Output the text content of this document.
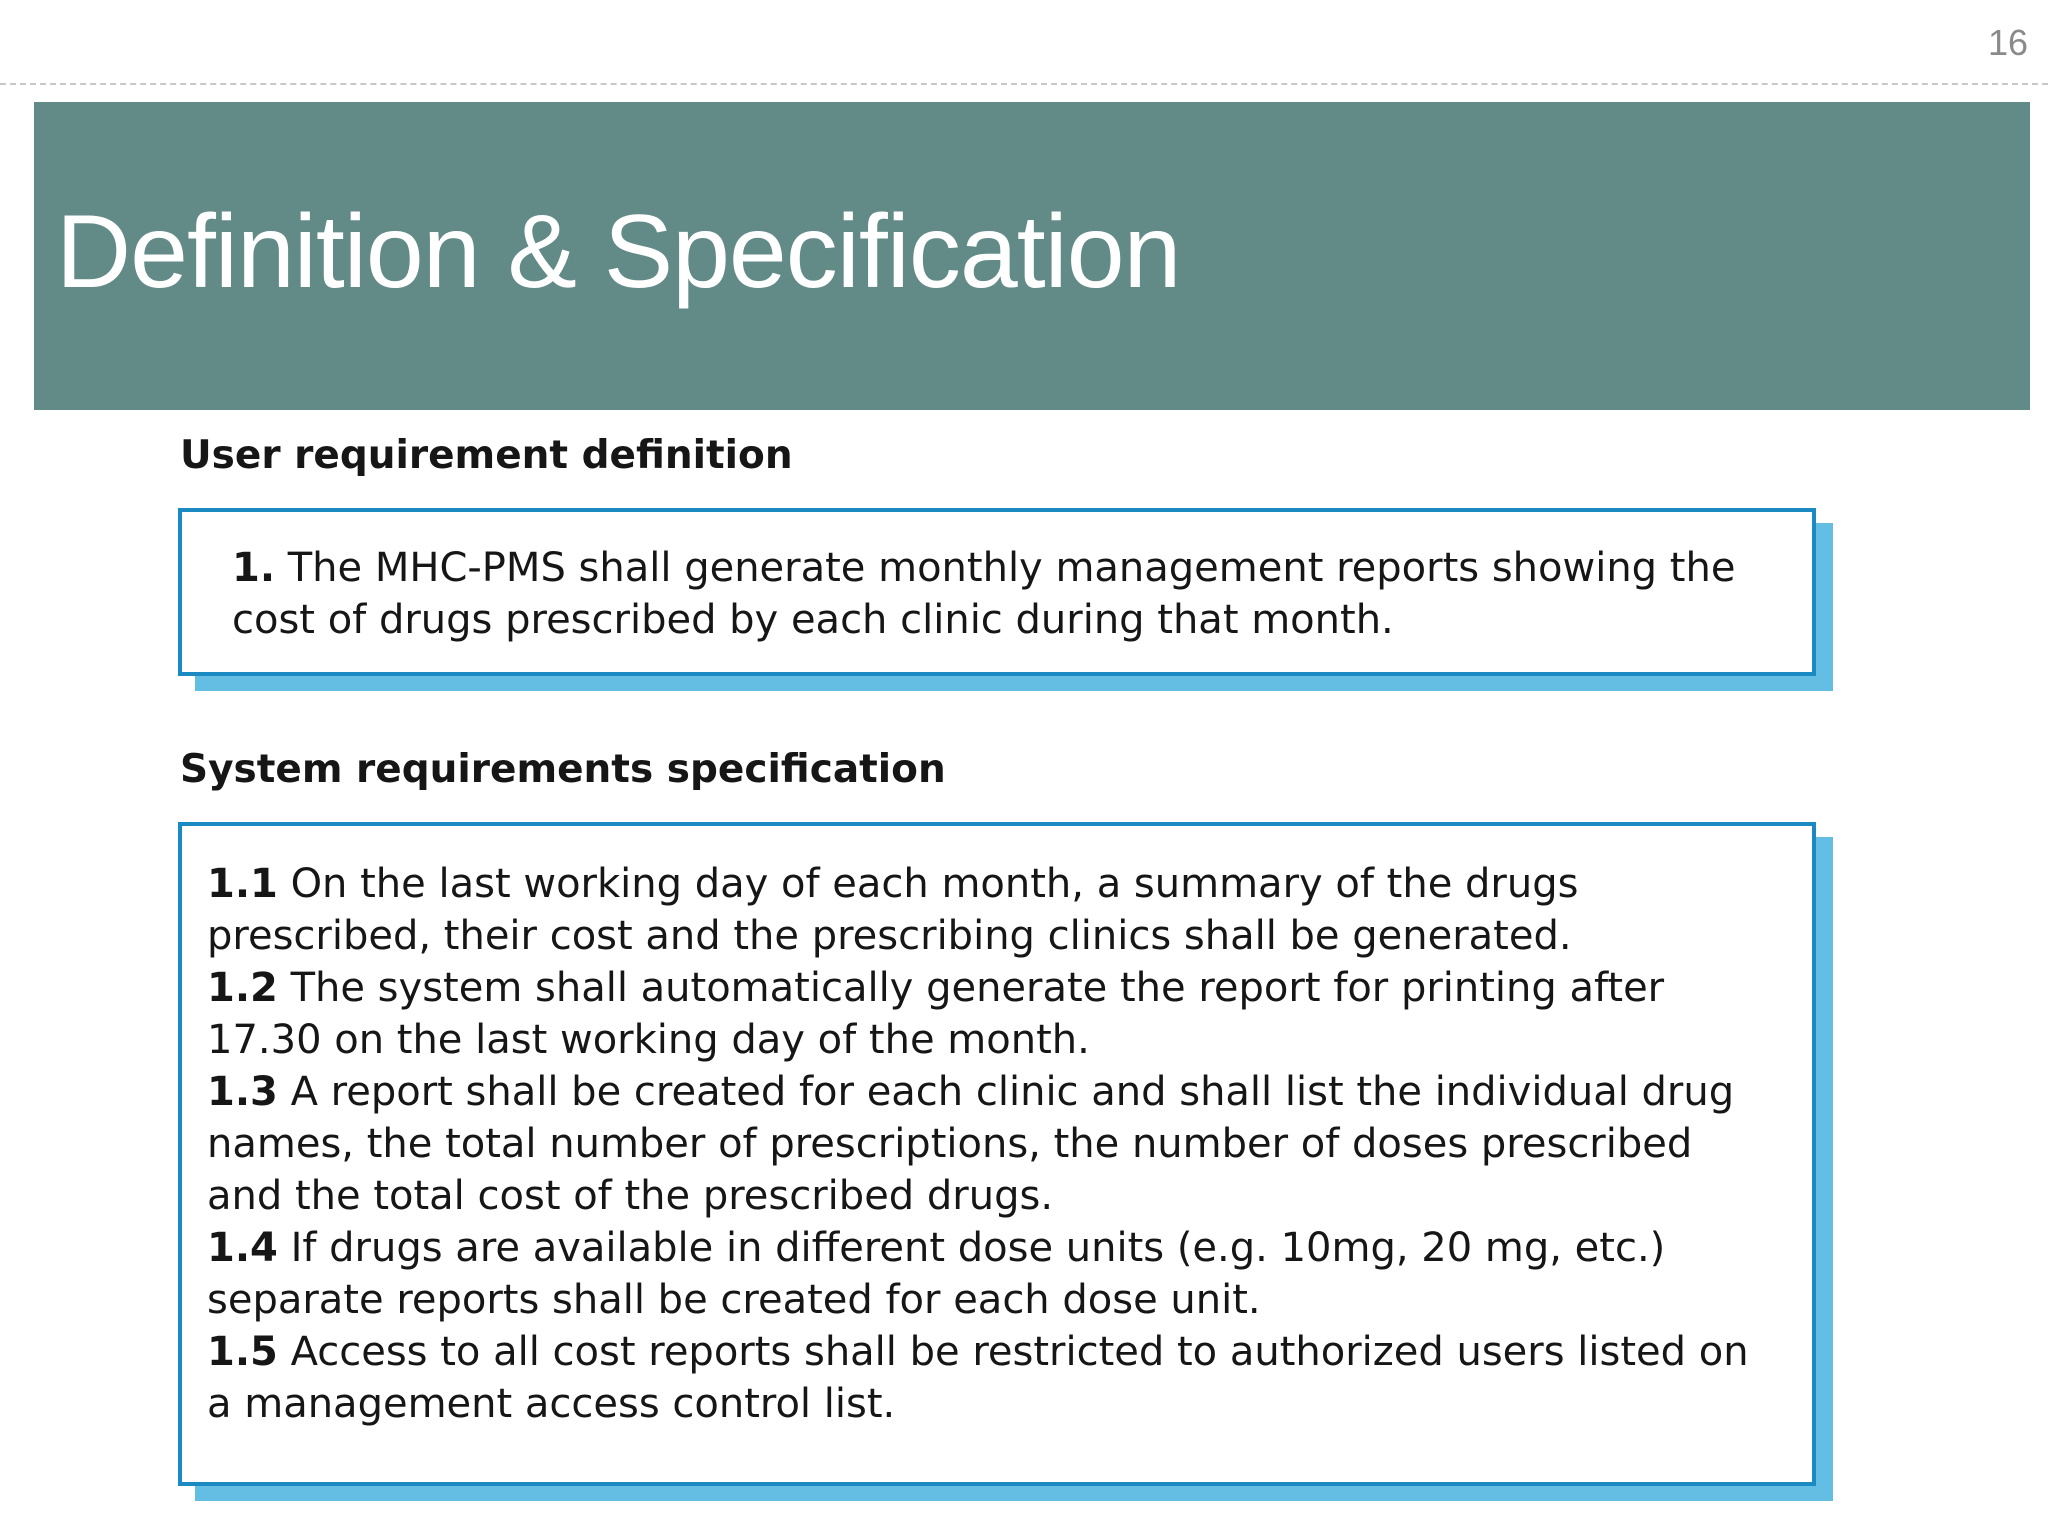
16
Definition & Specification
User requirement definition

1. The MHC-PMS shall generate monthly management reports showing the cost of drugs prescribed by each clinic during that month.

System requirements specification

1.1 On the last working day of each month, a summary of the drugs prescribed, their cost and the prescribing clinics shall be generated.

1.2 The system shall automatically generate the report for printing after 17.30 on the last working day of the month.

1.3 A report shall be created for each clinic and shall list the individual drug names, the total number of prescriptions, the number of doses prescribed and the total cost of the prescribed drugs.

1.4 If drugs are available in different dose units (e.g. 10mg, 20 mg, etc.) separate reports shall be created for each dose unit.

1.5 Access to all cost reports shall be restricted to authorized users listed on a management access control list.
